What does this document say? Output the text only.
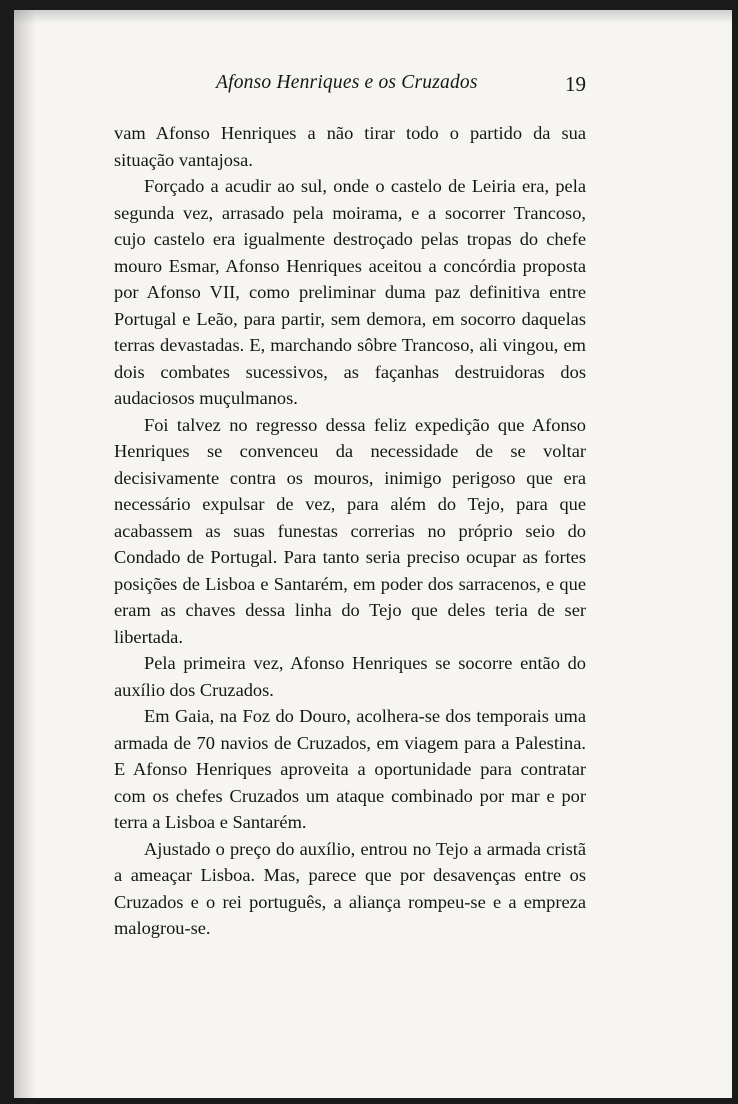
Afonso Henriques e os Cruzados	19

vam Afonso Henriques a não tirar todo o partido da sua situação vantajosa.

Forçado a acudir ao sul, onde o castelo de Leiria era, pela segunda vez, arrasado pela moirama, e a socorrer Trancoso, cujo castelo era igualmente destroçado pelas tropas do chefe mouro Esmar, Afonso Henriques aceitou a concórdia proposta por Afonso VII, como preliminar duma paz definitiva entre Portugal e Leão, para partir, sem demora, em socorro daquelas terras devastadas. E, marchando sôbre Trancoso, ali vingou, em dois combates sucessivos, as façanhas destruidoras dos audaciosos muçulmanos.

Foi talvez no regresso dessa feliz expedição que Afonso Henriques se convenceu da necessidade de se voltar decisivamente contra os mouros, inimigo perigoso que era necessário expulsar de vez, para além do Tejo, para que acabassem as suas funestas correrias no próprio seio do Condado de Portugal. Para tanto seria preciso ocupar as fortes posições de Lisboa e Santarém, em poder dos sarracenos, e que eram as chaves dessa linha do Tejo que deles teria de ser libertada.

Pela primeira vez, Afonso Henriques se socorre então do auxílio dos Cruzados.

Em Gaia, na Foz do Douro, acolhera-se dos temporais uma armada de 70 navios de Cruzados, em viagem para a Palestina. E Afonso Henriques aproveita a oportunidade para contratar com os chefes Cruzados um ataque combinado por mar e por terra a Lisboa e Santarém.

Ajustado o preço do auxílio, entrou no Tejo a armada cristã a ameaçar Lisboa. Mas, parece que por desavenças entre os Cruzados e o rei português, a aliança rompeu-se e a empreza malogrou-se.
